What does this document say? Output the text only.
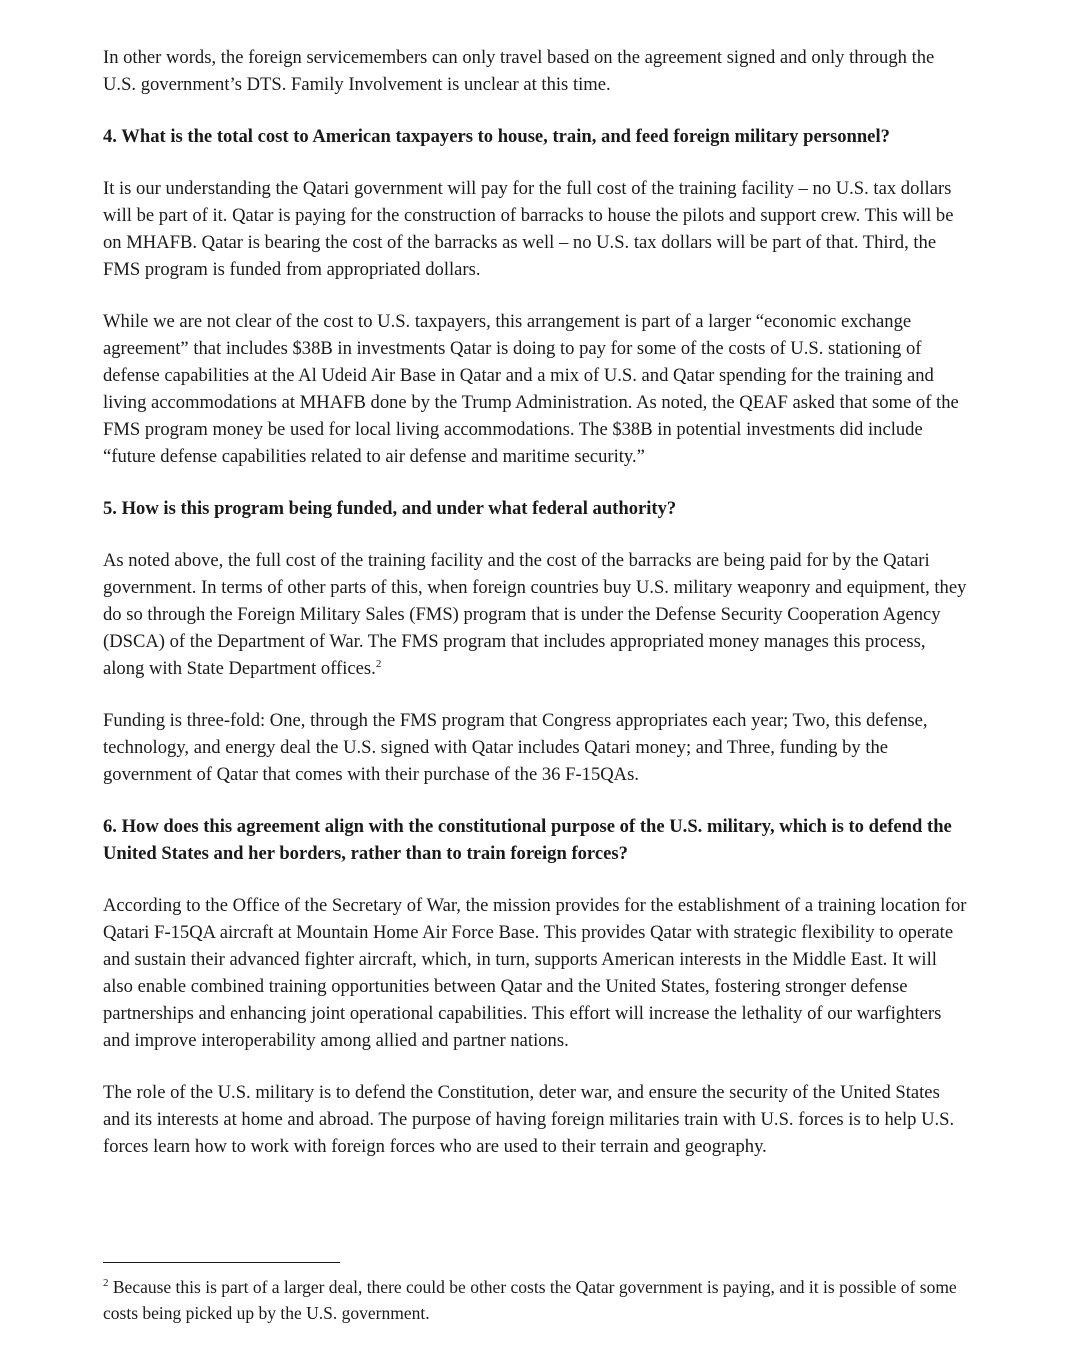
In other words, the foreign servicemembers can only travel based on the agreement signed and only through the U.S. government’s DTS. Family Involvement is unclear at this time.

4. What is the total cost to American taxpayers to house, train, and feed foreign military personnel?

It is our understanding the Qatari government will pay for the full cost of the training facility – no U.S. tax dollars will be part of it. Qatar is paying for the construction of barracks to house the pilots and support crew. This will be on MHAFB. Qatar is bearing the cost of the barracks as well – no U.S. tax dollars will be part of that. Third, the FMS program is funded from appropriated dollars.

While we are not clear of the cost to U.S. taxpayers, this arrangement is part of a larger “economic exchange agreement” that includes $38B in investments Qatar is doing to pay for some of the costs of U.S. stationing of defense capabilities at the Al Udeid Air Base in Qatar and a mix of U.S. and Qatar spending for the training and living accommodations at MHAFB done by the Trump Administration. As noted, the QEAF asked that some of the FMS program money be used for local living accommodations. The $38B in potential investments did include “future defense capabilities related to air defense and maritime security.”

5. How is this program being funded, and under what federal authority?

As noted above, the full cost of the training facility and the cost of the barracks are being paid for by the Qatari government. In terms of other parts of this, when foreign countries buy U.S. military weaponry and equipment, they do so through the Foreign Military Sales (FMS) program that is under the Defense Security Cooperation Agency (DSCA) of the Department of War. The FMS program that includes appropriated money manages this process, along with State Department offices.$^2$

Funding is three-fold: One, through the FMS program that Congress appropriates each year; Two, this defense, technology, and energy deal the U.S. signed with Qatar includes Qatari money; and Three, funding by the government of Qatar that comes with their purchase of the 36 F-15QAs.

6. How does this agreement align with the constitutional purpose of the U.S. military, which is to defend the United States and her borders, rather than to train foreign forces?

According to the Office of the Secretary of War, the mission provides for the establishment of a training location for Qatari F-15QA aircraft at Mountain Home Air Force Base. This provides Qatar with strategic flexibility to operate and sustain their advanced fighter aircraft, which, in turn, supports American interests in the Middle East. It will also enable combined training opportunities between Qatar and the United States, fostering stronger defense partnerships and enhancing joint operational capabilities. This effort will increase the lethality of our warfighters and improve interoperability among allied and partner nations.

The role of the U.S. military is to defend the Constitution, deter war, and ensure the security of the United States and its interests at home and abroad. The purpose of having foreign militaries train with U.S. forces is to help U.S. forces learn how to work with foreign forces who are used to their terrain and geography.

$^2$ Because this is part of a larger deal, there could be other costs the Qatar government is paying, and it is possible of some costs being picked up by the U.S. government.
